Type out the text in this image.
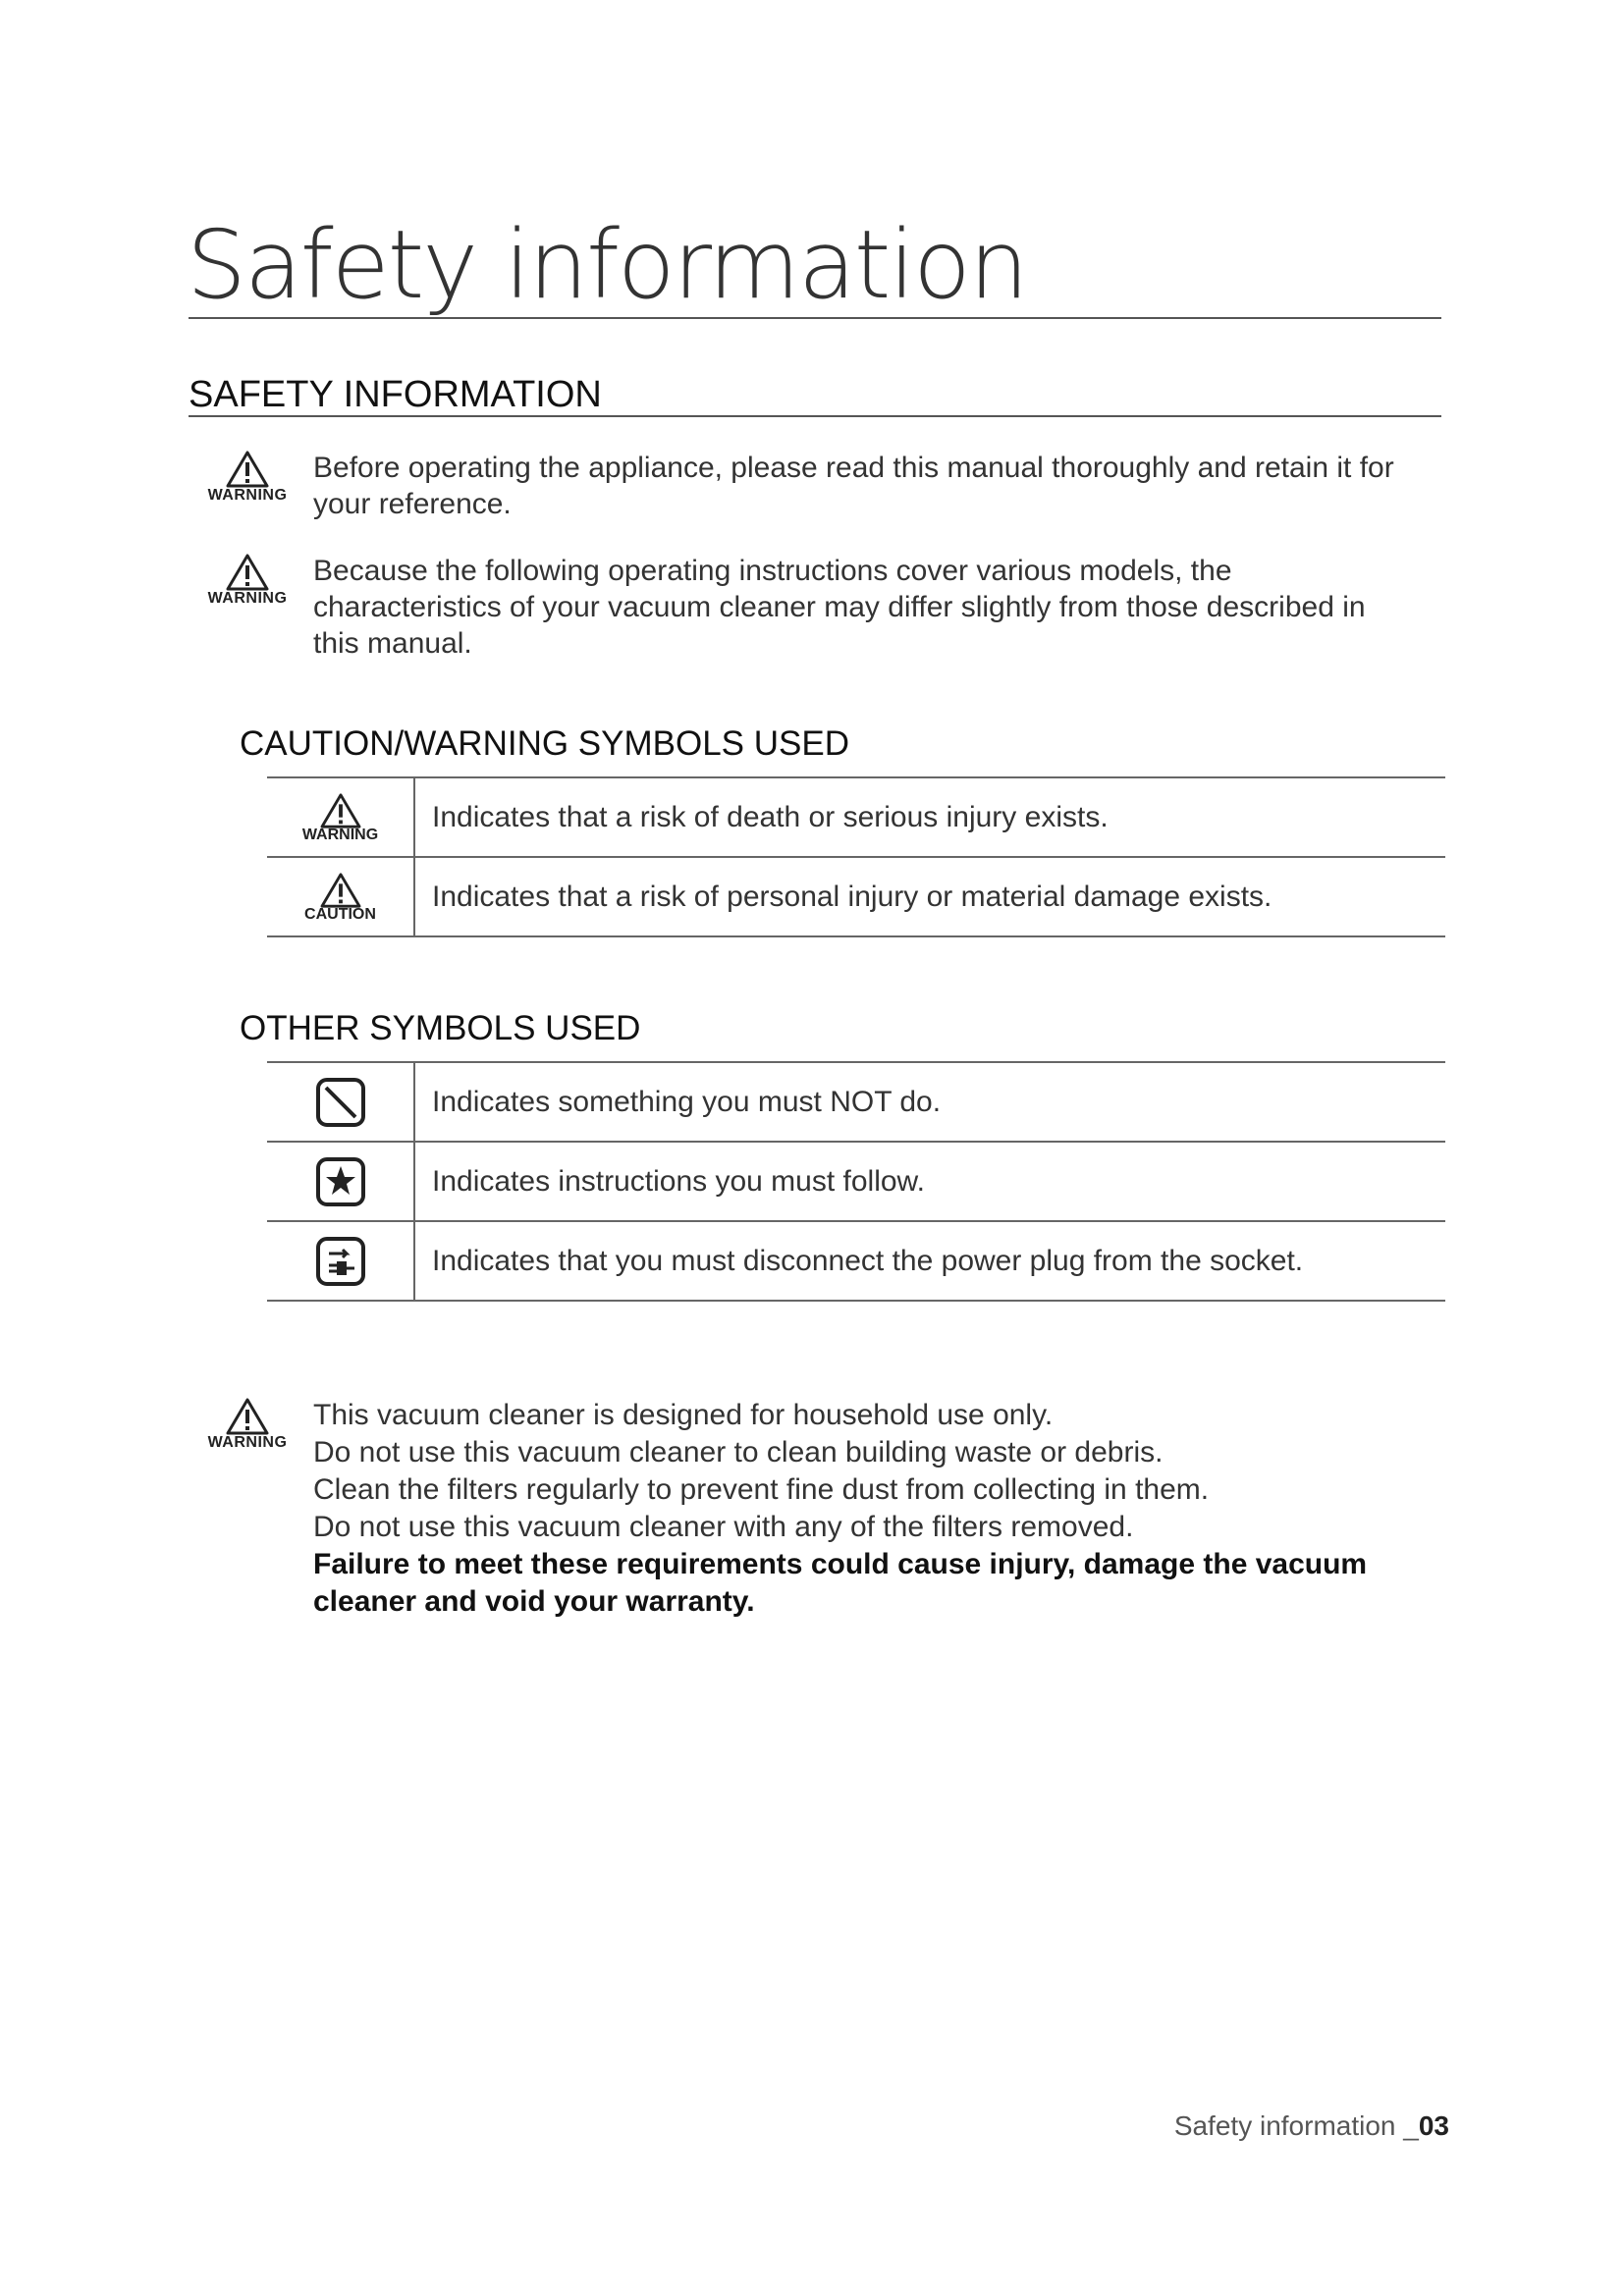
Safety information
SAFETY INFORMATION
WARNING
Before operating the appliance, please read this manual thoroughly and retain it for
your reference.
WARNING
Because the following operating instructions cover various models, the
characteristics of your vacuum cleaner may differ slightly from those described in
this manual.
CAUTION/WARNING SYMBOLS USED
WARNING	Indicates that a risk of death or serious injury exists.

CAUTION	Indicates that a risk of personal injury or material damage exists.
OTHER SYMBOLS USED
	Indicates something you must NOT do.

	Indicates instructions you must follow.

	Indicates that you must disconnect the power plug from the socket.
WARNING
This vacuum cleaner is designed for household use only.
Do not use this vacuum cleaner to clean building waste or debris.
Clean the filters regularly to prevent fine dust from collecting in them.
Do not use this vacuum cleaner with any of the filters removed.
Failure to meet these requirements could cause injury, damage the vacuum
cleaner and void your warranty.
Safety information _03
